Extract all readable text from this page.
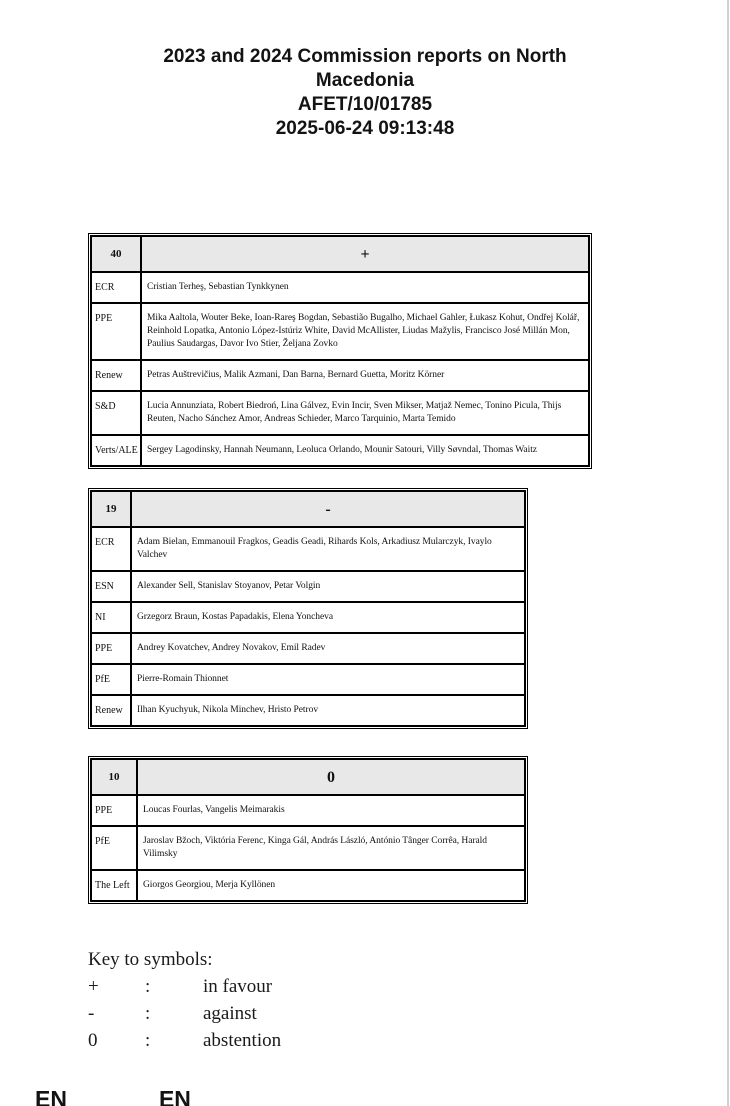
2023 and 2024 Commission reports on North Macedonia
AFET/10/01785
2025-06-24 09:13:48
40	+
ECR	Cristian Terheş, Sebastian Tynkkynen
PPE	Mika Aaltola, Wouter Beke, Ioan-Rareş Bogdan, Sebastião Bugalho, Michael Gahler, Łukasz Kohut, Ondřej Kolář, Reinhold Lopatka, Antonio López-Istúriz White, David McAllister, Liudas Mažylis, Francisco José Millán Mon, Paulius Saudargas, Davor Ivo Stier, Željana Zovko
Renew	Petras Auštrevičius, Malik Azmani, Dan Barna, Bernard Guetta, Moritz Körner
S&D	Lucia Annunziata, Robert Biedroń, Lina Gálvez, Evin Incir, Sven Mikser, Matjaž Nemec, Tonino Picula, Thijs Reuten, Nacho Sánchez Amor, Andreas Schieder, Marco Tarquinio, Marta Temido
Verts/ALE	Sergey Lagodinsky, Hannah Neumann, Leoluca Orlando, Mounir Satouri, Villy Søvndal, Thomas Waitz
19	-
ECR	Adam Bielan, Emmanouil Fragkos, Geadis Geadi, Rihards Kols, Arkadiusz Mularczyk, Ivaylo Valchev
ESN	Alexander Sell, Stanislav Stoyanov, Petar Volgin
NI	Grzegorz Braun, Kostas Papadakis, Elena Yoncheva
PPE	Andrey Kovatchev, Andrey Novakov, Emil Radev
PfE	Pierre-Romain Thionnet
Renew	Ilhan Kyuchyuk, Nikola Minchev, Hristo Petrov
10	0
PPE	Loucas Fourlas, Vangelis Meimarakis
PfE	Jaroslav Bžoch, Viktória Ferenc, Kinga Gál, András László, António Tânger Corrêa, Harald Vilimsky
The Left	Giorgos Georgiou, Merja Kyllönen
Key to symbols:
+	:	in favour
-	:	against
0	:	abstention
EN	EN
